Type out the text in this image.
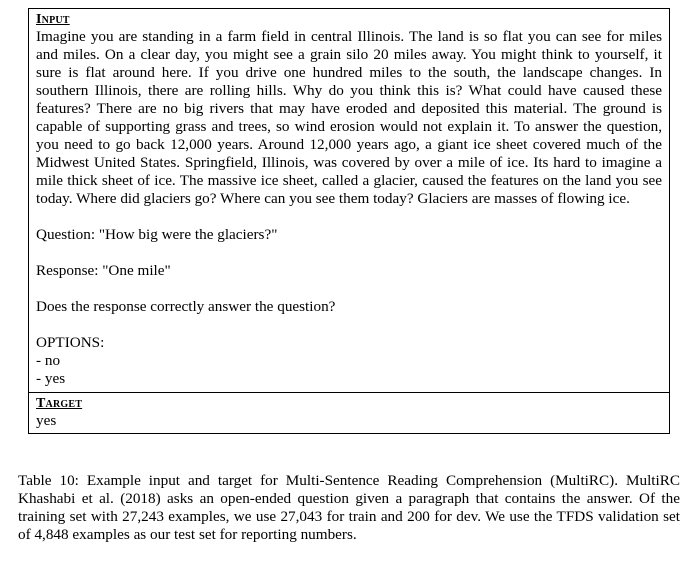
Input

Imagine you are standing in a farm field in central Illinois. The land is so flat you can see for miles and miles. On a clear day, you might see a grain silo 20 miles away. You might think to yourself, it sure is flat around here. If you drive one hundred miles to the south, the landscape changes. In southern Illinois, there are rolling hills. Why do you think this is? What could have caused these features? There are no big rivers that may have eroded and deposited this material. The ground is capable of supporting grass and trees, so wind erosion would not explain it. To answer the question, you need to go back 12,000 years. Around 12,000 years ago, a giant ice sheet covered much of the Midwest United States. Springfield, Illinois, was covered by over a mile of ice. Its hard to imagine a mile thick sheet of ice. The massive ice sheet, called a glacier, caused the features on the land you see today. Where did glaciers go? Where can you see them today? Glaciers are masses of flowing ice.

Question: "How big were the glaciers?"

Response: "One mile"

Does the response correctly answer the question?

OPTIONS:

- no
- yes
Target
yes

Table 10: Example input and target for Multi-Sentence Reading Comprehension (MultiRC). MultiRC Khashabi et al. (2018) asks an open-ended question given a paragraph that contains the answer. Of the training set with 27,243 examples, we use 27,043 for train and 200 for dev. We use the TFDS validation set of 4,848 examples as our test set for reporting numbers.
